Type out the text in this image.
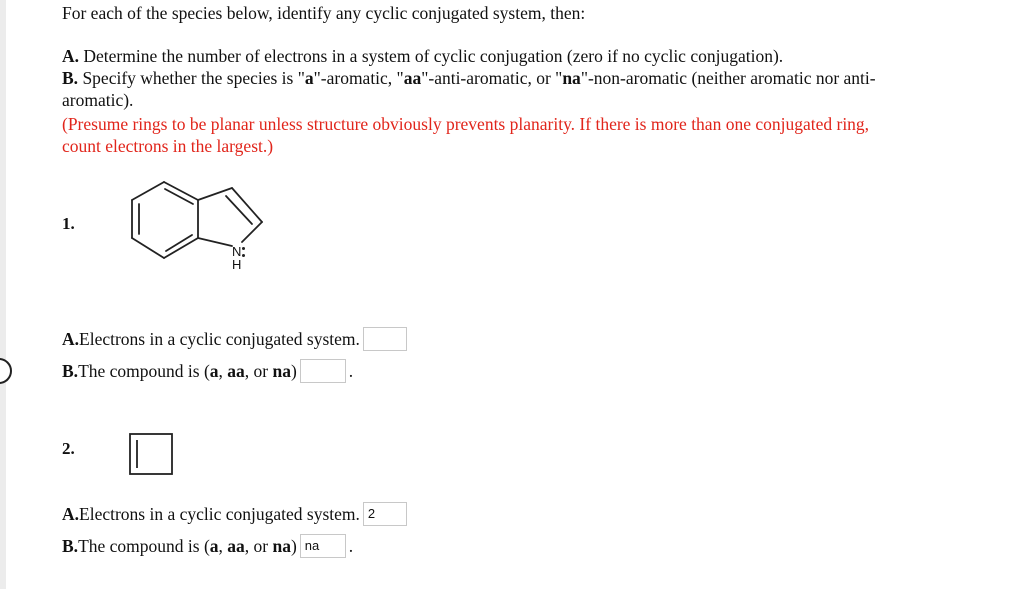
For each of the species below, identify any cyclic conjugated system, then:
A. Determine the number of electrons in a system of cyclic conjugation (zero if no cyclic conjugation).
B. Specify whether the species is "a"-aromatic, "aa"-anti-aromatic, or "na"-non-aromatic (neither aromatic nor anti-
aromatic).
(Presume rings to be planar unless structure obviously prevents planarity. If there is more than one conjugated ring,
count electrons in the largest.)
1.
N
H
A. Electrons in a cyclic conjugated system.
B. The compound is ( a , aa , or na )	.
2.
A. Electrons in a cyclic conjugated system. 2
B. The compound is ( a , aa , or na ) na	.
